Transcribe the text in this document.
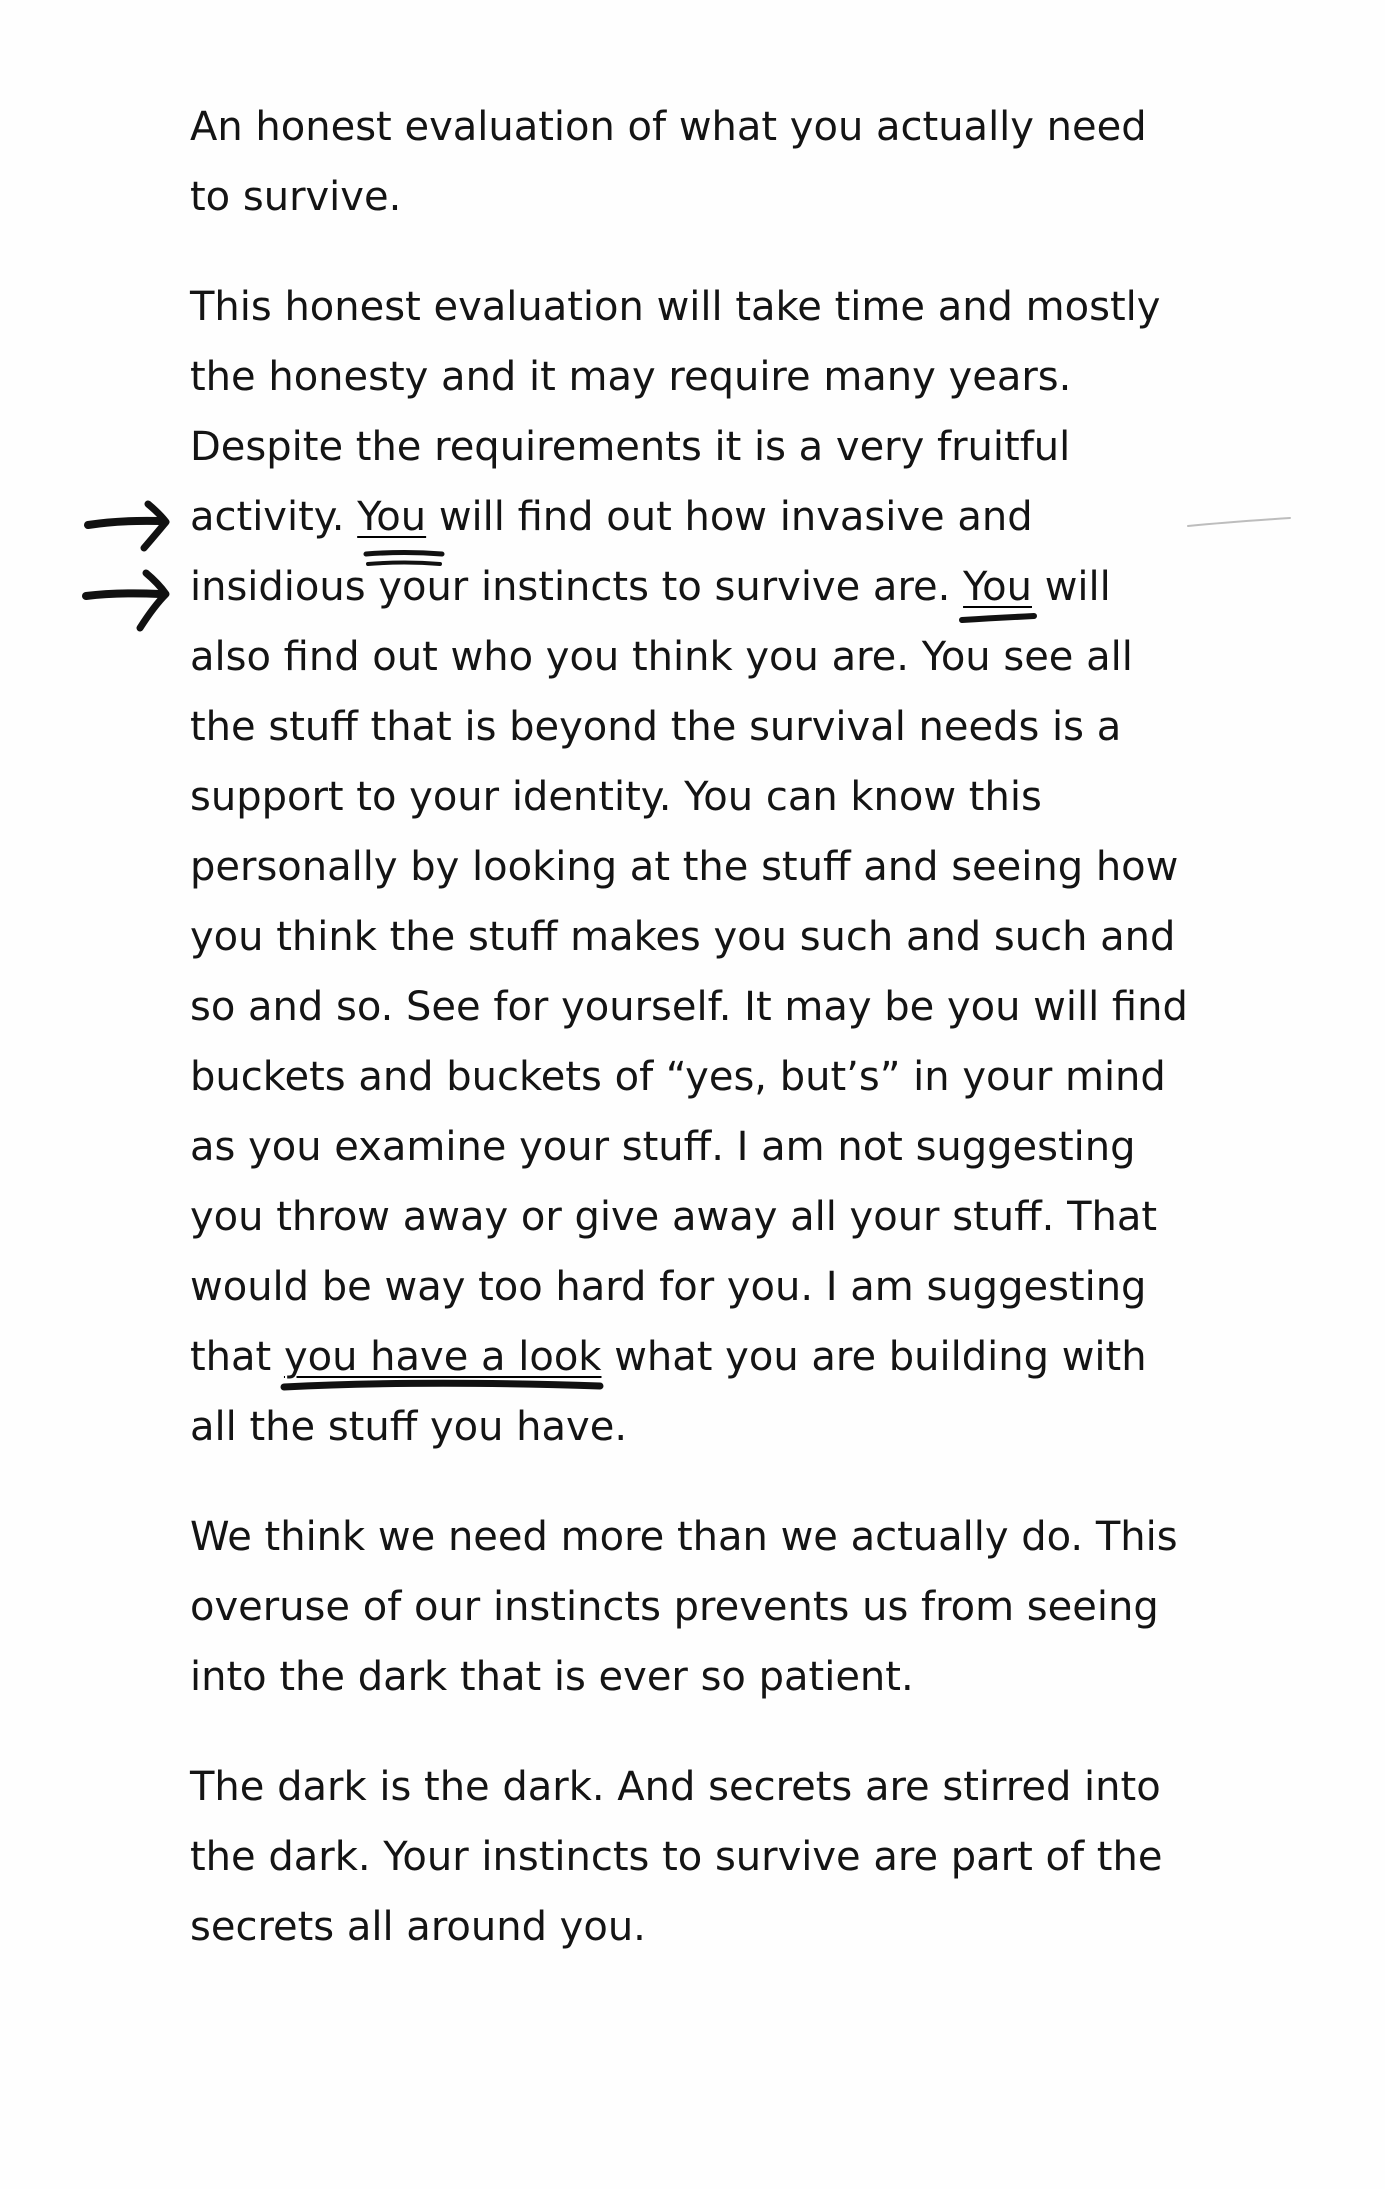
An honest evaluation of what you actually need
to survive.

This honest evaluation will take time and mostly
the honesty and it may require many years.
Despite the requirements it is a very fruitful
activity. You will find out how invasive and
insidious your instincts to survive are. You will
also find out who you think you are. You see all
the stuff that is beyond the survival needs is a
support to your identity. You can know this
personally by looking at the stuff and seeing how
you think the stuff makes you such and such and
so and so. See for yourself. It may be you will find
buckets and buckets of “yes, but’s” in your mind
as you examine your stuff. I am not suggesting
you throw away or give away all your stuff. That
would be way too hard for you. I am suggesting
that you have a look what you are building with
all the stuff you have.

We think we need more than we actually do. This
overuse of our instincts prevents us from seeing
into the dark that is ever so patient.

The dark is the dark. And secrets are stirred into
the dark. Your instincts to survive are part of the
secrets all around you.
